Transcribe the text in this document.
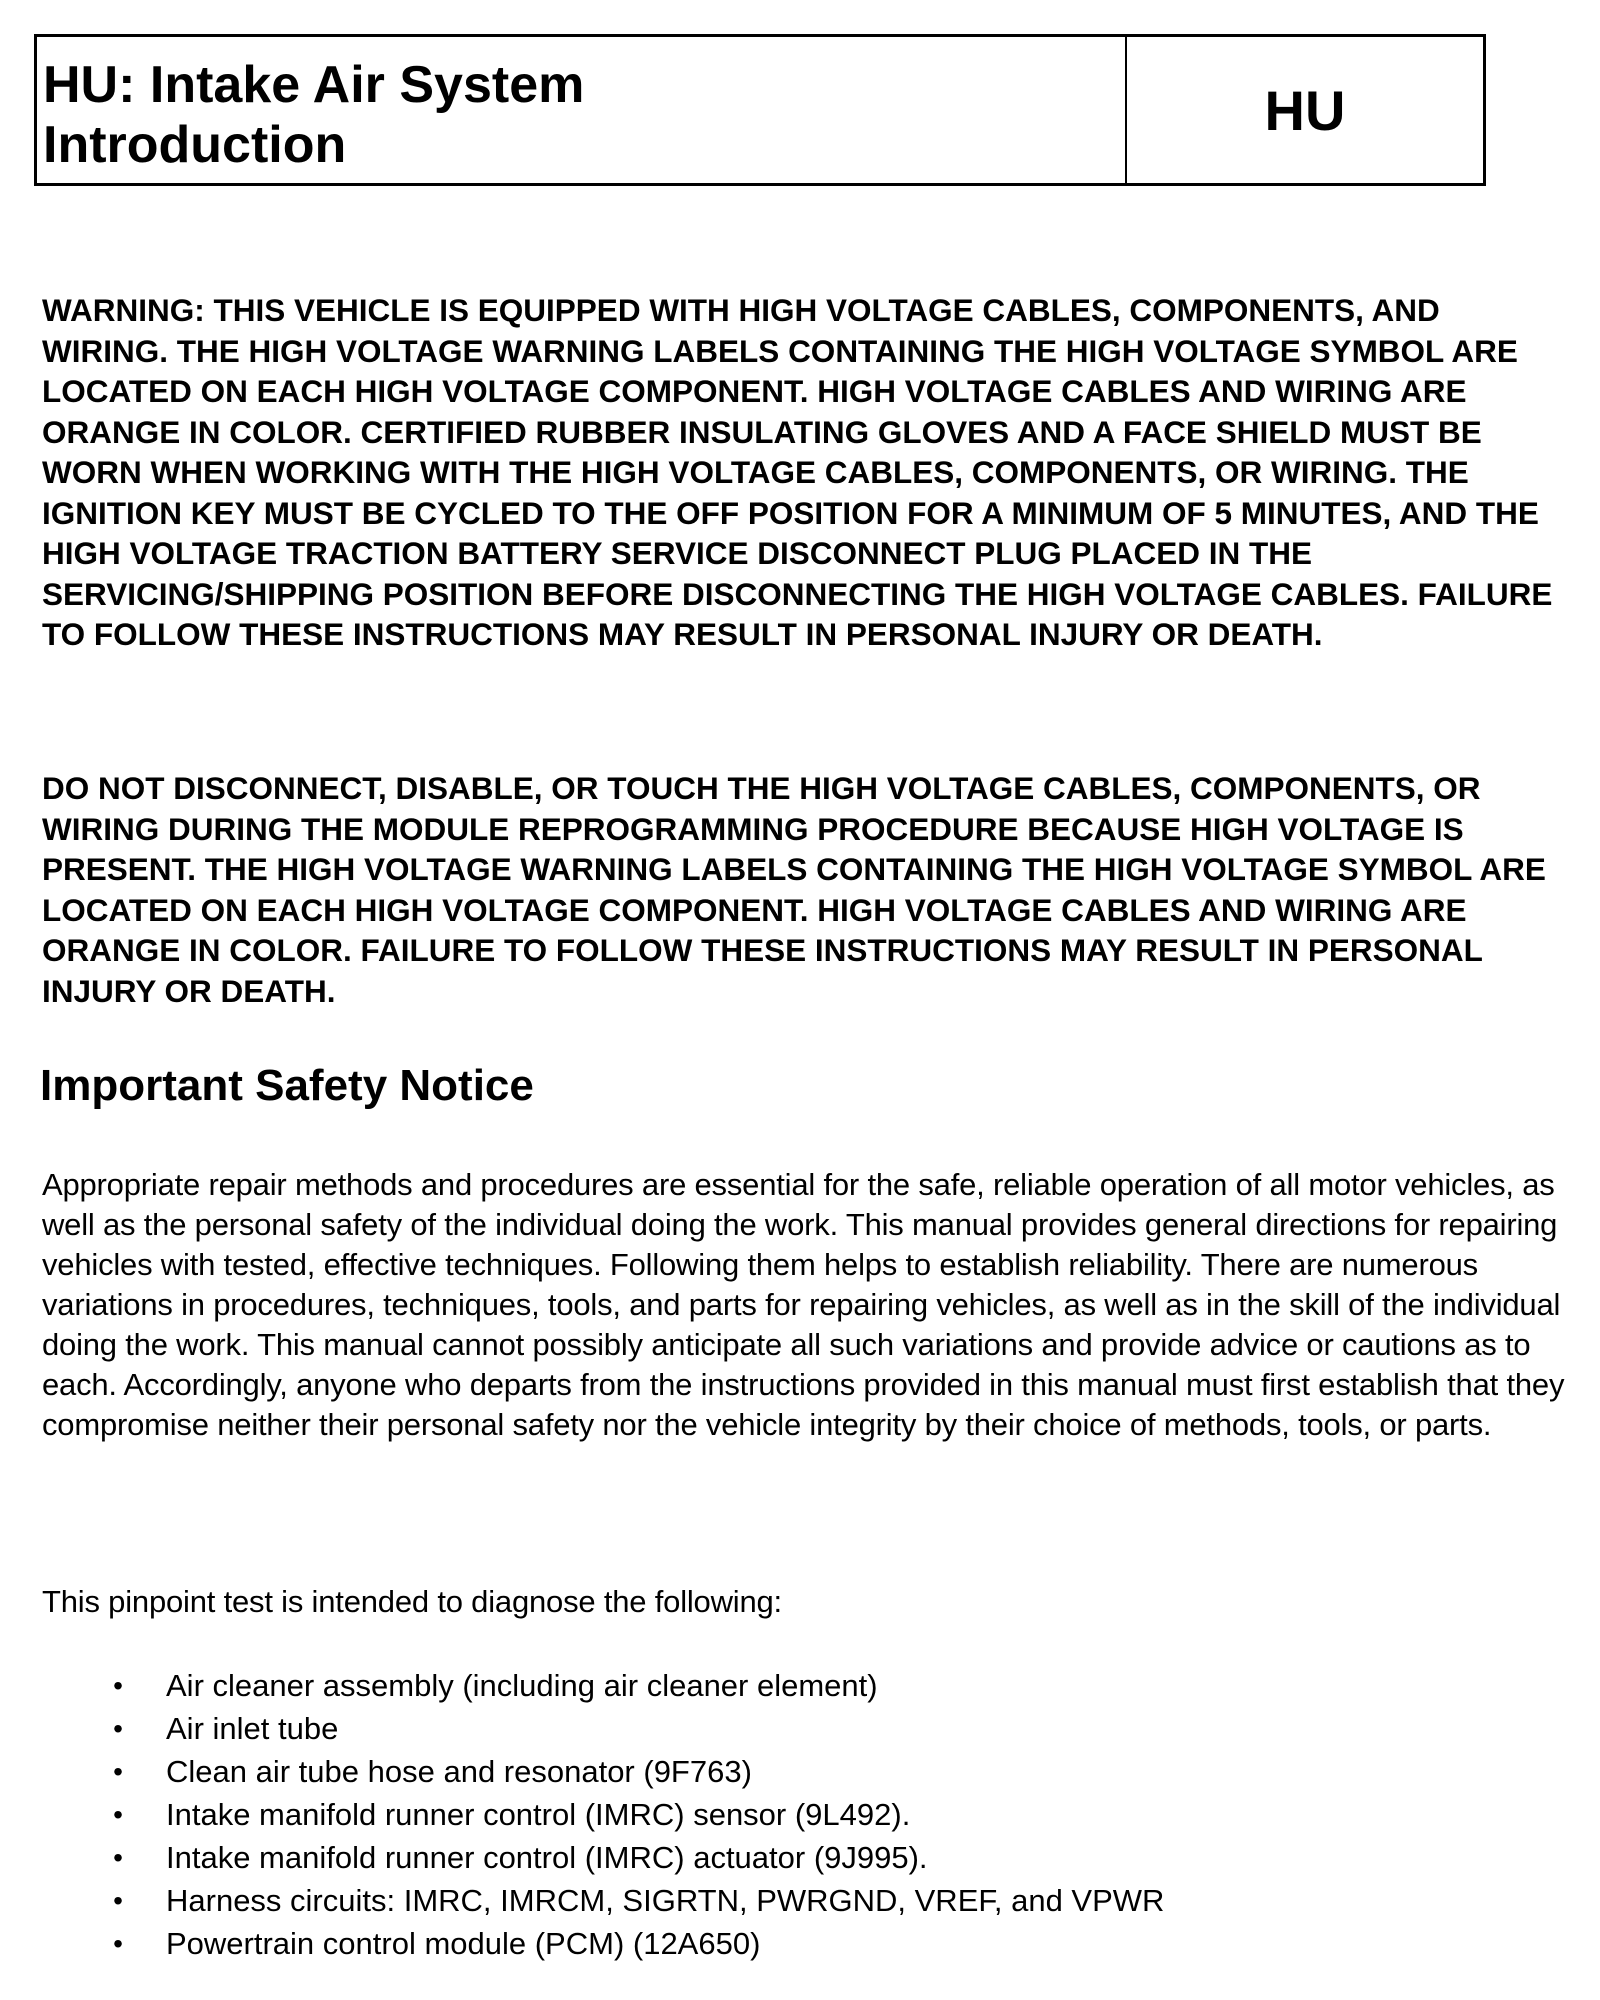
HU: Intake Air System
Introduction
HU

WARNING: THIS VEHICLE IS EQUIPPED WITH HIGH VOLTAGE CABLES, COMPONENTS, AND WIRING. THE HIGH VOLTAGE WARNING LABELS CONTAINING THE HIGH VOLTAGE SYMBOL ARE LOCATED ON EACH HIGH VOLTAGE COMPONENT. HIGH VOLTAGE CABLES AND WIRING ARE ORANGE IN COLOR. CERTIFIED RUBBER INSULATING GLOVES AND A FACE SHIELD MUST BE WORN WHEN WORKING WITH THE HIGH VOLTAGE CABLES, COMPONENTS, OR WIRING. THE IGNITION KEY MUST BE CYCLED TO THE OFF POSITION FOR A MINIMUM OF 5 MINUTES, AND THE HIGH VOLTAGE TRACTION BATTERY SERVICE DISCONNECT PLUG PLACED IN THE SERVICING/SHIPPING POSITION BEFORE DISCONNECTING THE HIGH VOLTAGE CABLES. FAILURE TO FOLLOW THESE INSTRUCTIONS MAY RESULT IN PERSONAL INJURY OR DEATH.

DO NOT DISCONNECT, DISABLE, OR TOUCH THE HIGH VOLTAGE CABLES, COMPONENTS, OR WIRING DURING THE MODULE REPROGRAMMING PROCEDURE BECAUSE HIGH VOLTAGE IS PRESENT. THE HIGH VOLTAGE WARNING LABELS CONTAINING THE HIGH VOLTAGE SYMBOL ARE LOCATED ON EACH HIGH VOLTAGE COMPONENT. HIGH VOLTAGE CABLES AND WIRING ARE ORANGE IN COLOR. FAILURE TO FOLLOW THESE INSTRUCTIONS MAY RESULT IN PERSONAL INJURY OR DEATH.

Important Safety Notice

Appropriate repair methods and procedures are essential for the safe, reliable operation of all motor vehicles, as well as the personal safety of the individual doing the work. This manual provides general directions for repairing vehicles with tested, effective techniques. Following them helps to establish reliability. There are numerous variations in procedures, techniques, tools, and parts for repairing vehicles, as well as in the skill of the individual doing the work. This manual cannot possibly anticipate all such variations and provide advice or cautions as to each. Accordingly, anyone who departs from the instructions provided in this manual must first establish that they compromise neither their personal safety nor the vehicle integrity by their choice of methods, tools, or parts.

This pinpoint test is intended to diagnose the following:

• Air cleaner assembly (including air cleaner element)
• Air inlet tube
• Clean air tube hose and resonator (9F763)
• Intake manifold runner control (IMRC) sensor (9L492).
• Intake manifold runner control (IMRC) actuator (9J995).
• Harness circuits: IMRC, IMRCM, SIGRTN, PWRGND, VREF, and VPWR
• Powertrain control module (PCM) (12A650)
